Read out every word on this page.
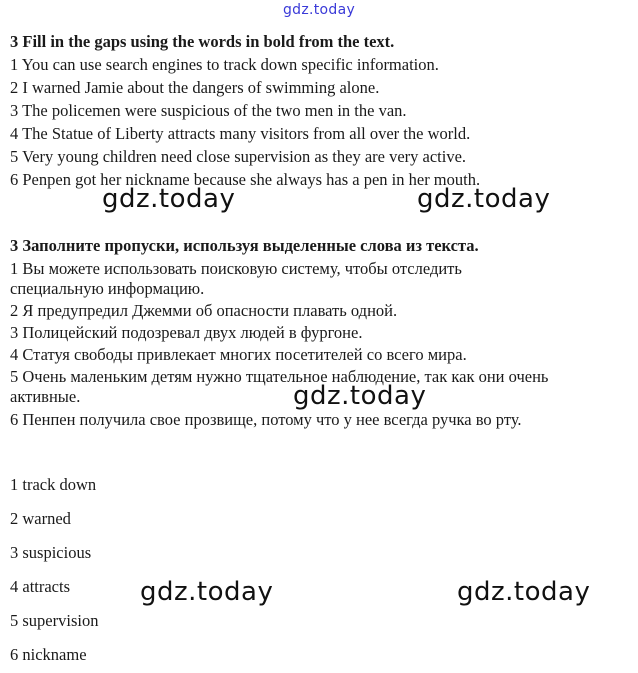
gdz.today
3 Fill in the gaps using the words in bold from the text.
1 You can use search engines to track down specific information.
2 I warned Jamie about the dangers of swimming alone.
3 The policemen were suspicious of the two men in the van.
4 The Statue of Liberty attracts many visitors from all over the world.
5 Very young children need close supervision as they are very active.
6 Penpen got her nickname because she always has a pen in her mouth.
gdz.today	gdz.today
3 Заполните пропуски, используя выделенные слова из текста.
1 Вы можете использовать поисковую систему, чтобы отследить
специальную информацию.
2 Я предупредил Джемми об опасности плавать одной.
3 Полицейский подозревал двух людей в фургоне.
4 Статуя свободы привлекает многих посетителей со всего мира.
5 Очень маленьким детям нужно тщательное наблюдение, так как они очень
активные.
6 Пенпен получила свое прозвище, потому что у нее всегда ручка во рту.
gdz.today
1 track down
2 warned
3 suspicious
4 attracts
5 supervision
6 nickname
gdz.today	gdz.today
